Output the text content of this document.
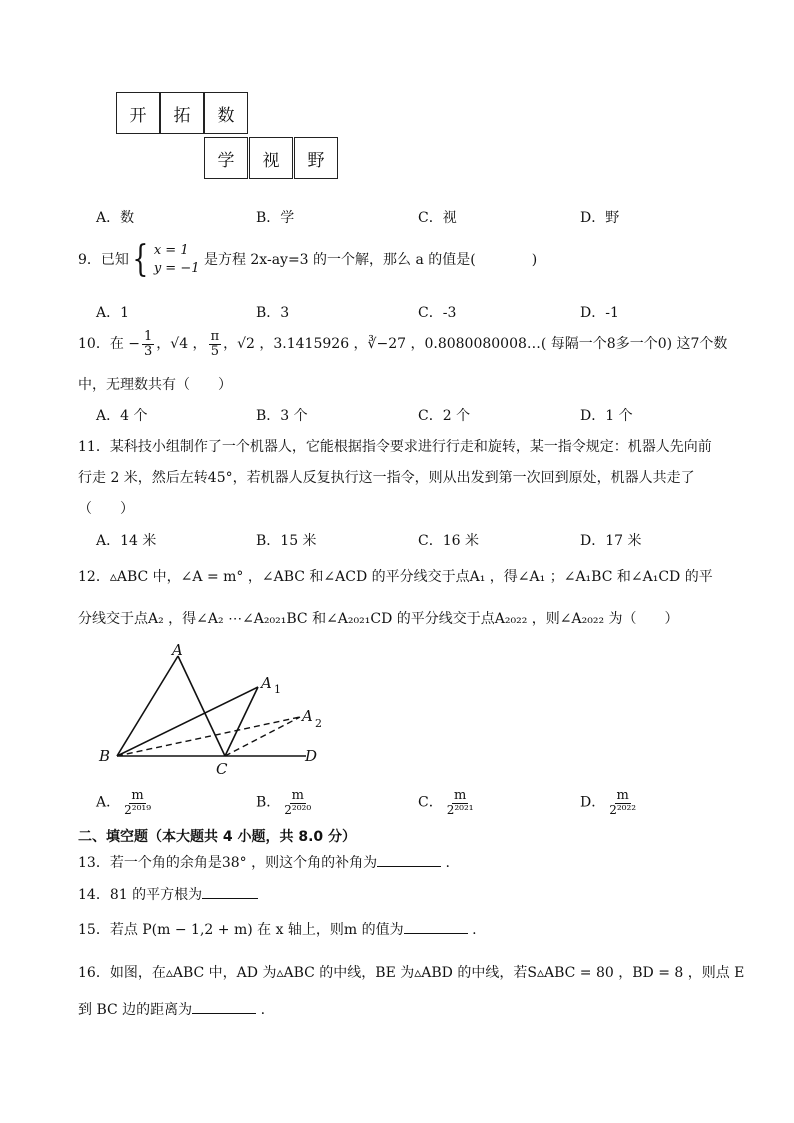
开	拓	数
学	视	野
A．数	B．学	C．视	D．野
9．已知 { x = 1
y = −1
是方程 2x-ay=3 的一个解，那么 a 的值是(　　　　)
A．1	B．3	C．-3	D．-1
10．在 − $\frac{1}{3}$ ，√4 ， $\frac{\pi}{5}$ ，√2 ，3.1415926 ，∛−27 ，0.8080080008…( 每隔一个8多一个0) 这7个数
中，无理数共有（　　）
A．4 个	B．3 个	C．2 个	D．1 个
11．某科技小组制作了一个机器人，它能根据指令要求进行行走和旋转，某一指令规定：机器人先向前
行走 2 米，然后左转45°，若机器人反复执行这一指令，则从出发到第一次回到原处，机器人共走了
（　　）
A．14 米	B．15 米	C．16 米	D．17 米
12．▵ABC 中，∠A = m° ，∠ABC 和∠ACD 的平分线交于点A₁ ，得∠A₁ ；∠A₁BC 和∠A₁CD 的平
分线交于点A₂ ，得∠A₂ ⋯∠A₂₀₂₁BC 和∠A₂₀₂₁CD 的平分线交于点A₂₀₂₂ ，则∠A₂₀₂₂ 为（　　）
A
A 1
A 2
B
C
D
A． $\frac{m}{\text{2²⁰¹⁹}}$	B． $\frac{m}{\text{2²⁰²⁰}}$	C． $\frac{m}{\text{2²⁰²¹}}$	D． $\frac{m}{\text{2²⁰²²}}$
二、填空题（本大题共 4 小题，共 8.0 分）
13．若一个角的余角是38° ，则这个角的补角为	.
14．81 的平方根为
15．若点 P(m − 1,2 + m) 在 x 轴上，则m 的值为	.
16．如图，在▵ABC 中，AD 为▵ABC 的中线，BE 为▵ABD 的中线，若S▵ABC = 80 ，BD = 8 ，则点 E
到 BC 边的距离为	.
